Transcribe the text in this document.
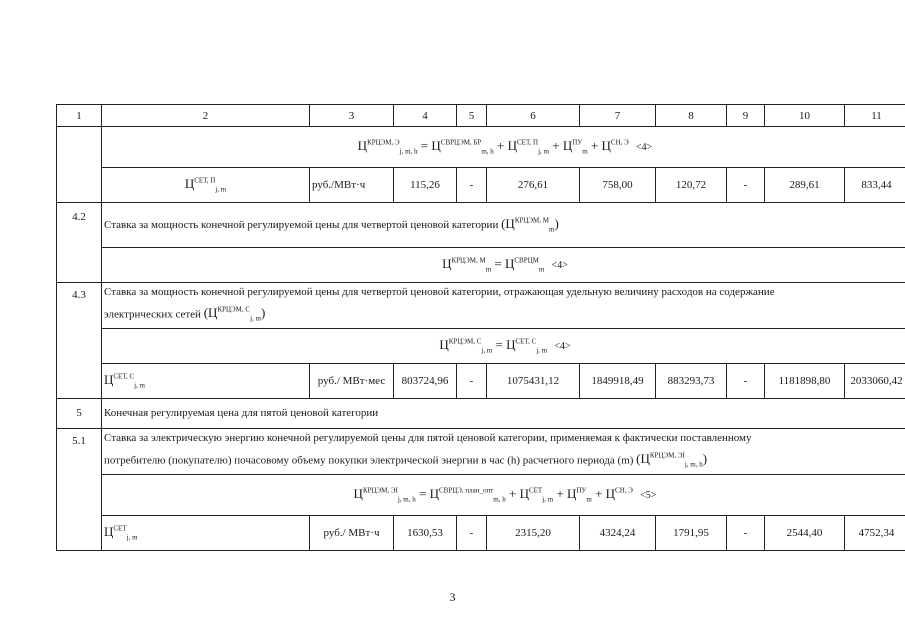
1	2	3	4	5	6	7	8	9	10	11
	$Ц^{КРЦЭМ, Э}_{j, m, h} = Ц^{СВРЦЭМ, БР}_{m, h} + Ц^{СЕТ, П}_{j, m} + Ц^{ПУ}_m + Ц^{СН, Э} <4>$									
	$Ц^{СЕТ, П}_{j, m}$	руб./МВт·ч	115,26	-	276,61	758,00	120,72	-	289,61	833,44
4.2	Ставка за мощность конечной регулируемой цены для четвертой ценовой категории $(Ц^{КРЦЭМ, М}_m)$									
	$Ц^{КРЦЭМ, М}_m = Ц^{СВРЦМ}_m <4>$									
4.3	Ставка за мощность конечной регулируемой цены для четвертой ценовой категории, отражающая удельную величину расходов на содержание
электрических сетей $(Ц^{КРЦЭМ, С}_{j, m})$									
	$Ц^{КРЦЭМ, С}_{j, m} = Ц^{СЕТ, С}_{j, m} <4>$									
	$Ц^{СЕТ, С}_{j, m}$	руб./ МВт·мес	803724,96	-	1075431,12	1849918,49	883293,73	-	1181898,80	2033060,42
5	Конечная регулируемая цена для пятой ценовой категории									
5.1	Ставка за электрическую энергию конечной регулируемой цены для пятой ценовой категории, применяемая к фактически поставленному
потребителю (покупателю) почасовому объему покупки электрической энергии в час (h) расчетного периода (m) $(Ц^{КРЦЭМ, ЭI}_{j, m, h})$									
	$Ц^{КРЦЭМ, ЭI}_{j, m, h} = Ц^{СВРЦЭ, план\_опт}_{m, h} + Ц^{СЕТ}_{j, m} + Ц^{ПУ}_m + Ц^{СН, Э} <5>$									
	$Ц^{СЕТ}_{j, m}$	руб./ МВт·ч	1630,53	-	2315,20	4324,24	1791,95	-	2544,40	4752,34
3
